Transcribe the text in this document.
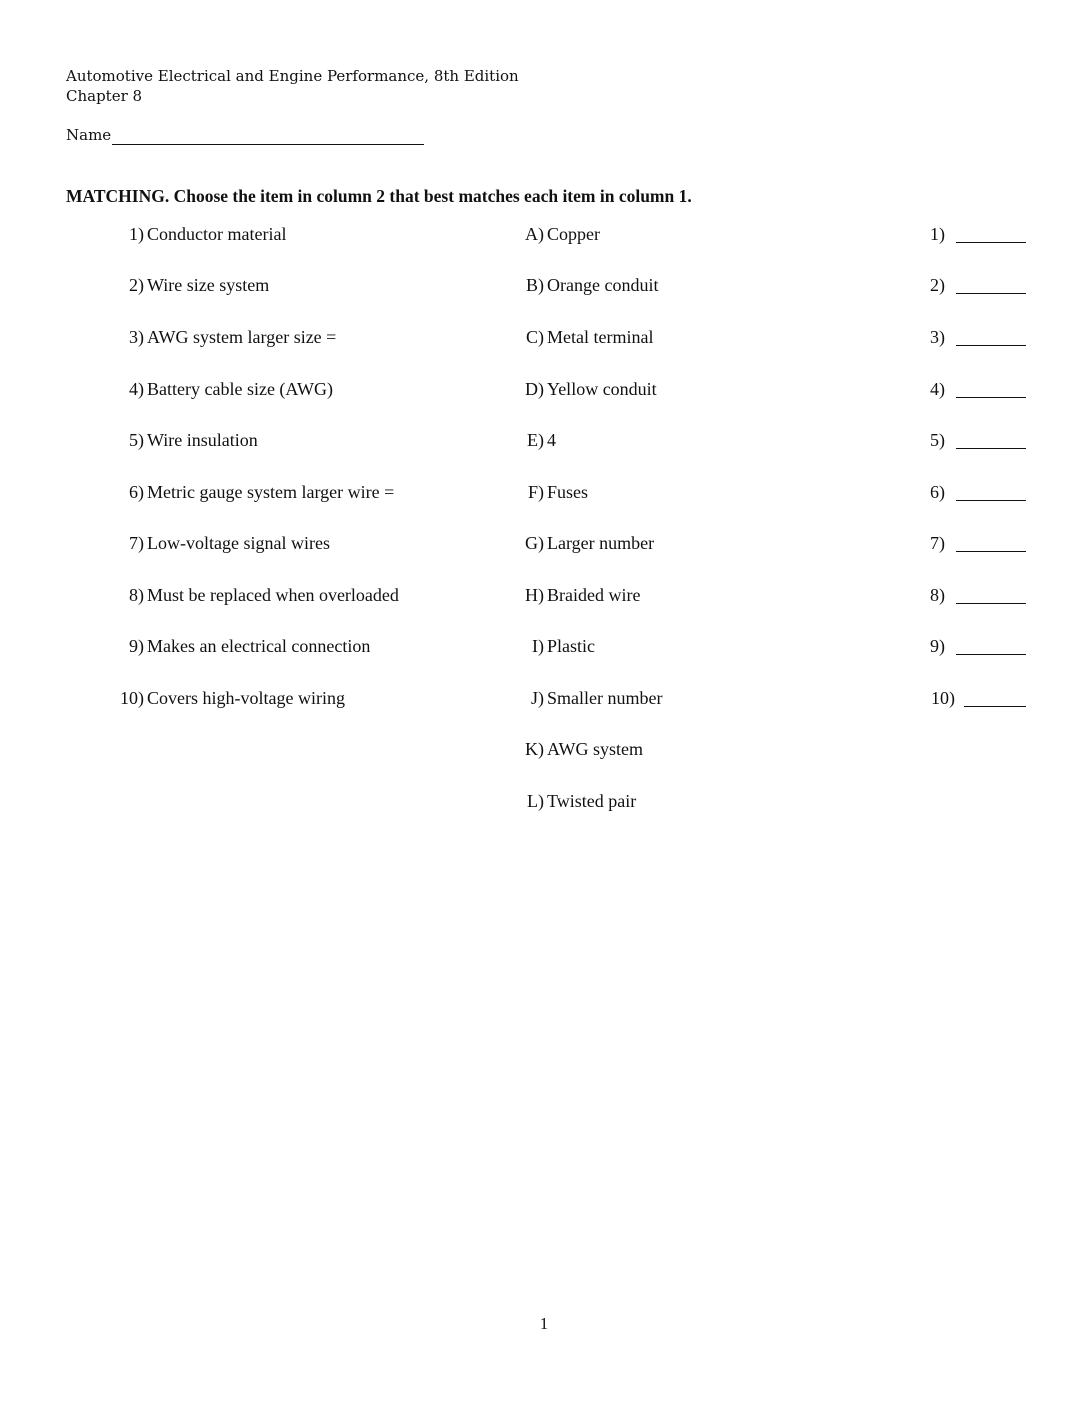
Automotive Electrical and Engine Performance, 8th Edition
Chapter 8
Name
MATCHING. Choose the item in column 2 that best matches each item in column 1.
1) Conductor material	A) Copper	1)
2) Wire size system	B) Orange conduit	2)
3) AWG system larger size =	C) Metal terminal	3)
4) Battery cable size (AWG)	D) Yellow conduit	4)
5) Wire insulation	E) 4	5)
6) Metric gauge system larger wire =	F) Fuses	6)
7) Low-voltage signal wires	G) Larger number	7)
8) Must be replaced when overloaded	H) Braided wire	8)
9) Makes an electrical connection	I) Plastic	9)
10) Covers high-voltage wiring	J) Smaller number	10)
K) AWG system
L) Twisted pair
1
